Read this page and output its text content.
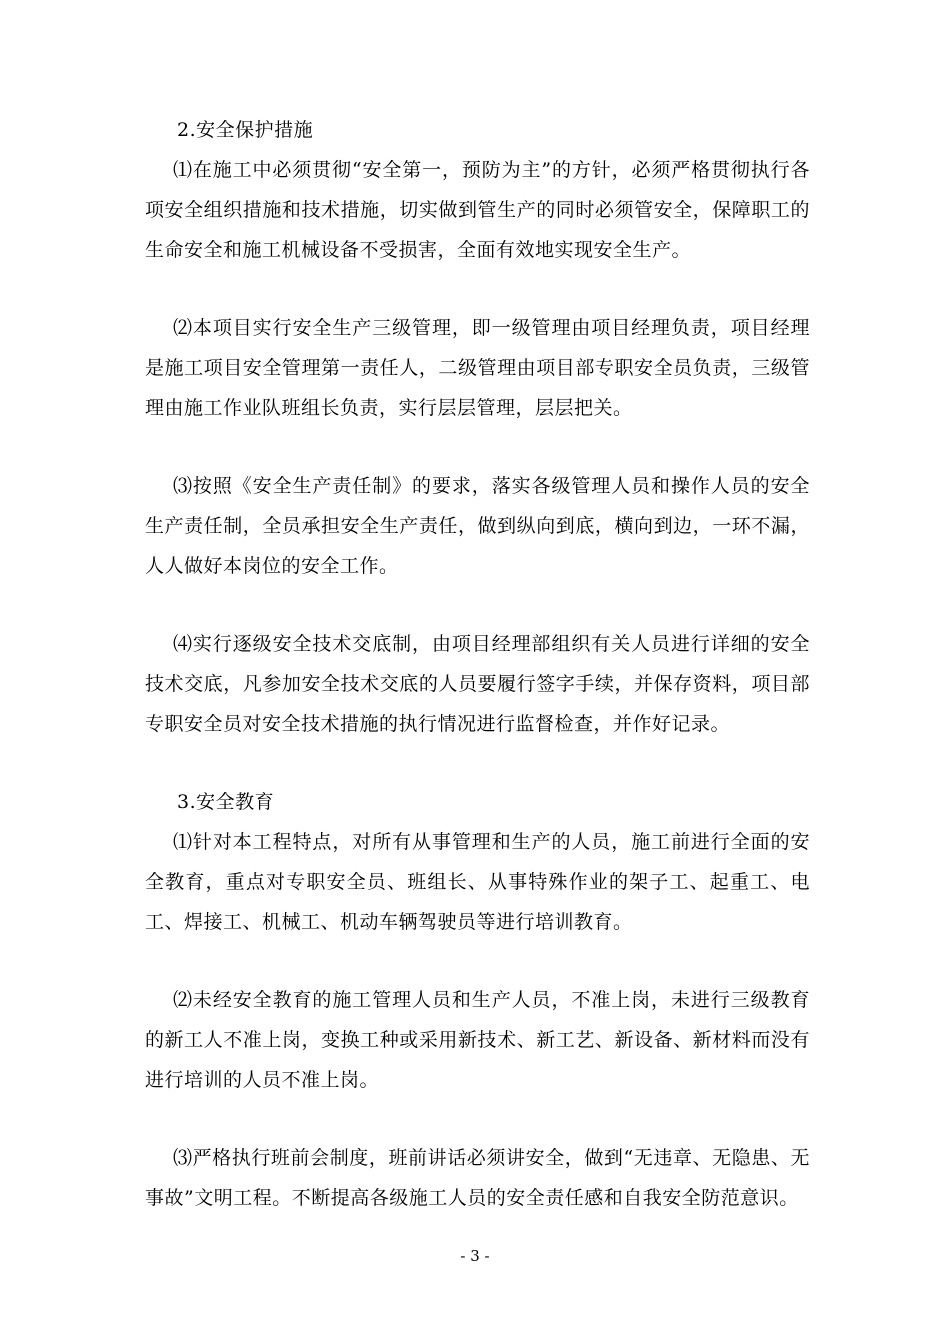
2.安全保护措施

⑴在施工中必须贯彻“安全第一，预防为主”的方针，必须严格贯彻执行各项安全组织措施和技术措施，切实做到管生产的同时必须管安全，保障职工的生命安全和施工机械设备不受损害，全面有效地实现安全生产。

⑵本项目实行安全生产三级管理，即一级管理由项目经理负责，项目经理是施工项目安全管理第一责任人，二级管理由项目部专职安全员负责，三级管理由施工作业队班组长负责，实行层层管理，层层把关。

⑶按照《安全生产责任制》的要求，落实各级管理人员和操作人员的安全生产责任制，全员承担安全生产责任，做到纵向到底，横向到边，一环不漏，人人做好本岗位的安全工作。

⑷实行逐级安全技术交底制，由项目经理部组织有关人员进行详细的安全技术交底，凡参加安全技术交底的人员要履行签字手续，并保存资料，项目部专职安全员对安全技术措施的执行情况进行监督检查，并作好记录。

3.安全教育

⑴针对本工程特点，对所有从事管理和生产的人员，施工前进行全面的安全教育，重点对专职安全员、班组长、从事特殊作业的架子工、起重工、电工、焊接工、机械工、机动车辆驾驶员等进行培训教育。

⑵未经安全教育的施工管理人员和生产人员，不准上岗，未进行三级教育的新工人不准上岗，变换工种或采用新技术、新工艺、新设备、新材料而没有进行培训的人员不准上岗。

⑶严格执行班前会制度，班前讲话必须讲安全，做到“无违章、无隐患、无事故”文明工程。不断提高各级施工人员的安全责任感和自我安全防范意识。

- 3 -
